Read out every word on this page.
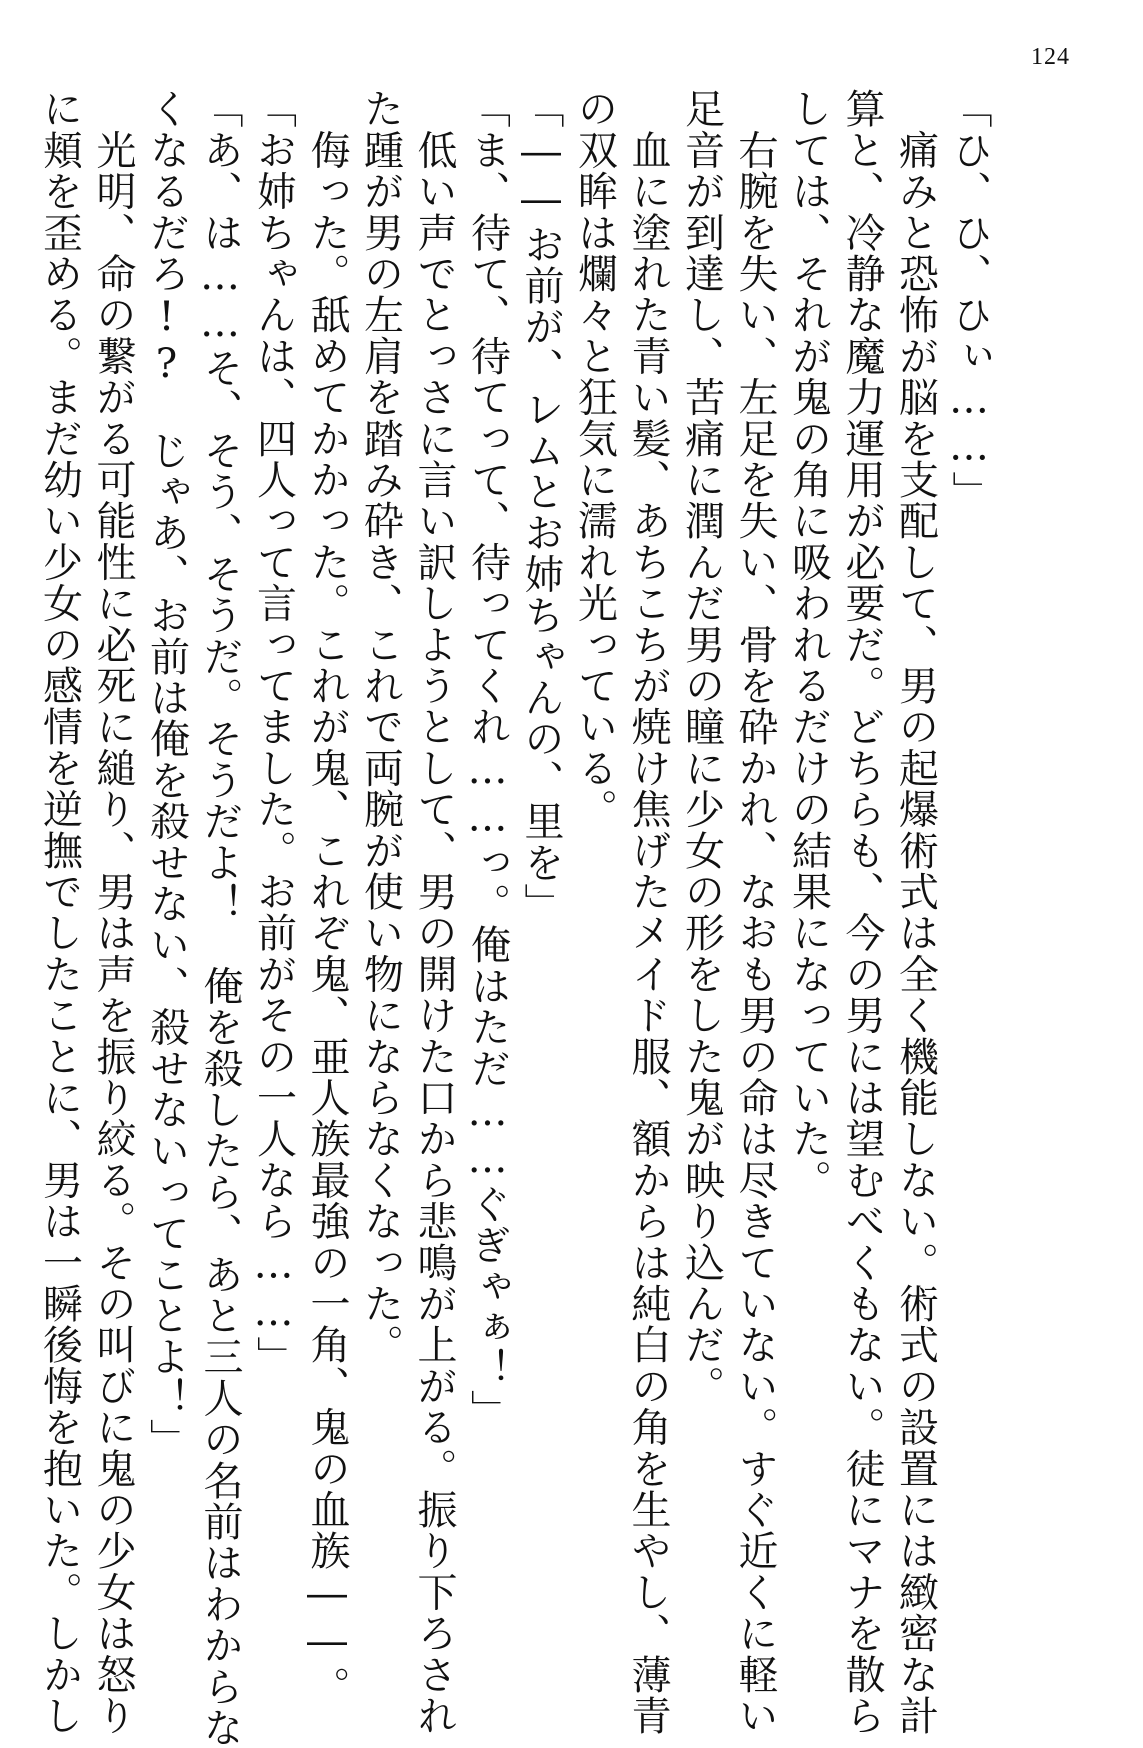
124
「ひ、ひ、ひぃ……」
　痛みと恐怖が脳を支配して、男の起爆術式は全く機能しない。術式の設置には緻密な計
算と、冷静な魔力運用が必要だ。どちらも、今の男には望むべくもない。徒にマナを散ら
しては、それが鬼の角に吸われるだけの結果になっていた。
　右腕を失い、左足を失い、骨を砕かれ、なおも男の命は尽きていない。すぐ近くに軽い
足音が到達し、苦痛に潤んだ男の瞳に少女の形をした鬼が映り込んだ。
　血に塗れた青い髪、あちこちが焼け焦げたメイド服、額からは純白の角を生やし、薄青
の双眸は爛々と狂気に濡れ光っている。
「――お前が、レムとお姉ちゃんの、里を」
「ま、待て、待てって、待ってくれ……っ。俺はただ……ぐぎゃぁ！」
　低い声でとっさに言い訳しようとして、男の開けた口から悲鳴が上がる。振り下ろされ
た踵が男の左肩を踏み砕き、これで両腕が使い物にならなくなった。
　侮った。舐めてかかった。これが鬼、これぞ鬼、亜人族最強の一角、鬼の血族――。
「お姉ちゃんは、四人って言ってました。お前がその一人なら……」
「あ、は……そ、そう、そうだ。そうだよ！　俺を殺したら、あと三人の名前はわからな
くなるだろ!?　じゃあ、お前は俺を殺せない、殺せないってことよ！」
　光明、命の繋がる可能性に必死に縋り、男は声を振り絞る。その叫びに鬼の少女は怒り
に頬を歪める。まだ幼い少女の感情を逆撫でしたことに、男は一瞬後悔を抱いた。しかし
